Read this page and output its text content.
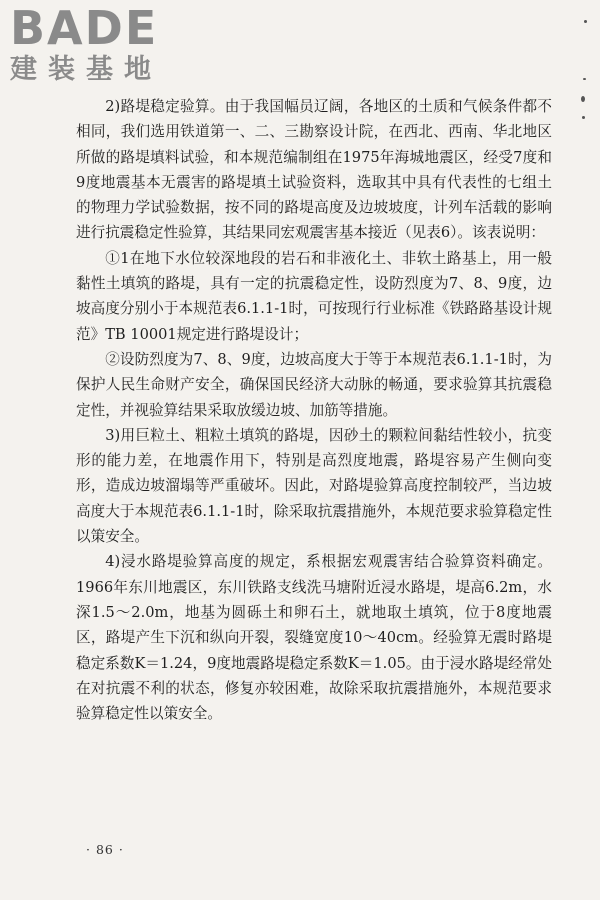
BADE
建装基地

2)路堤稳定验算。由于我国幅员辽阔，各地区的土质和气候条件都不相同，我们选用铁道第一、二、三勘察设计院，在西北、西南、华北地区所做的路堤填料试验，和本规范编制组在1975年海城地震区，经受7度和9度地震基本无震害的路堤填土试验资料，选取其中具有代表性的七组土的物理力学试验数据，按不同的路堤高度及边坡坡度，计列车活载的影响进行抗震稳定性验算，其结果同宏观震害基本接近（见表6）。该表说明：

①1在地下水位较深地段的岩石和非液化土、非软土路基上，用一般黏性土填筑的路堤，具有一定的抗震稳定性，设防烈度为7、8、9度，边坡高度分别小于本规范表6.1.1-1时，可按现行行业标准《铁路路基设计规范》TB 10001规定进行路堤设计；

②设防烈度为7、8、9度，边坡高度大于等于本规范表6.1.1-1时，为保护人民生命财产安全，确保国民经济大动脉的畅通，要求验算其抗震稳定性，并视验算结果采取放缓边坡、加筋等措施。

3)用巨粒土、粗粒土填筑的路堤，因砂土的颗粒间黏结性较小，抗变形的能力差，在地震作用下，特别是高烈度地震，路堤容易产生侧向变形，造成边坡溜塌等严重破坏。因此，对路堤验算高度控制较严，当边坡高度大于本规范表6.1.1-1时，除采取抗震措施外，本规范要求验算稳定性以策安全。

4)浸水路堤验算高度的规定，系根据宏观震害结合验算资料确定。1966年东川地震区，东川铁路支线洗马塘附近浸水路堤，堤高6.2m，水深1.5～2.0m，地基为圆砾土和卵石土，就地取土填筑，位于8度地震区，路堤产生下沉和纵向开裂，裂缝宽度10～40cm。经验算无震时路堤稳定系数K＝1.24，9度地震路堤稳定系数K＝1.05。由于浸水路堤经常处在对抗震不利的状态，修复亦较困难，故除采取抗震措施外，本规范要求验算稳定性以策安全。

· 86 ·
